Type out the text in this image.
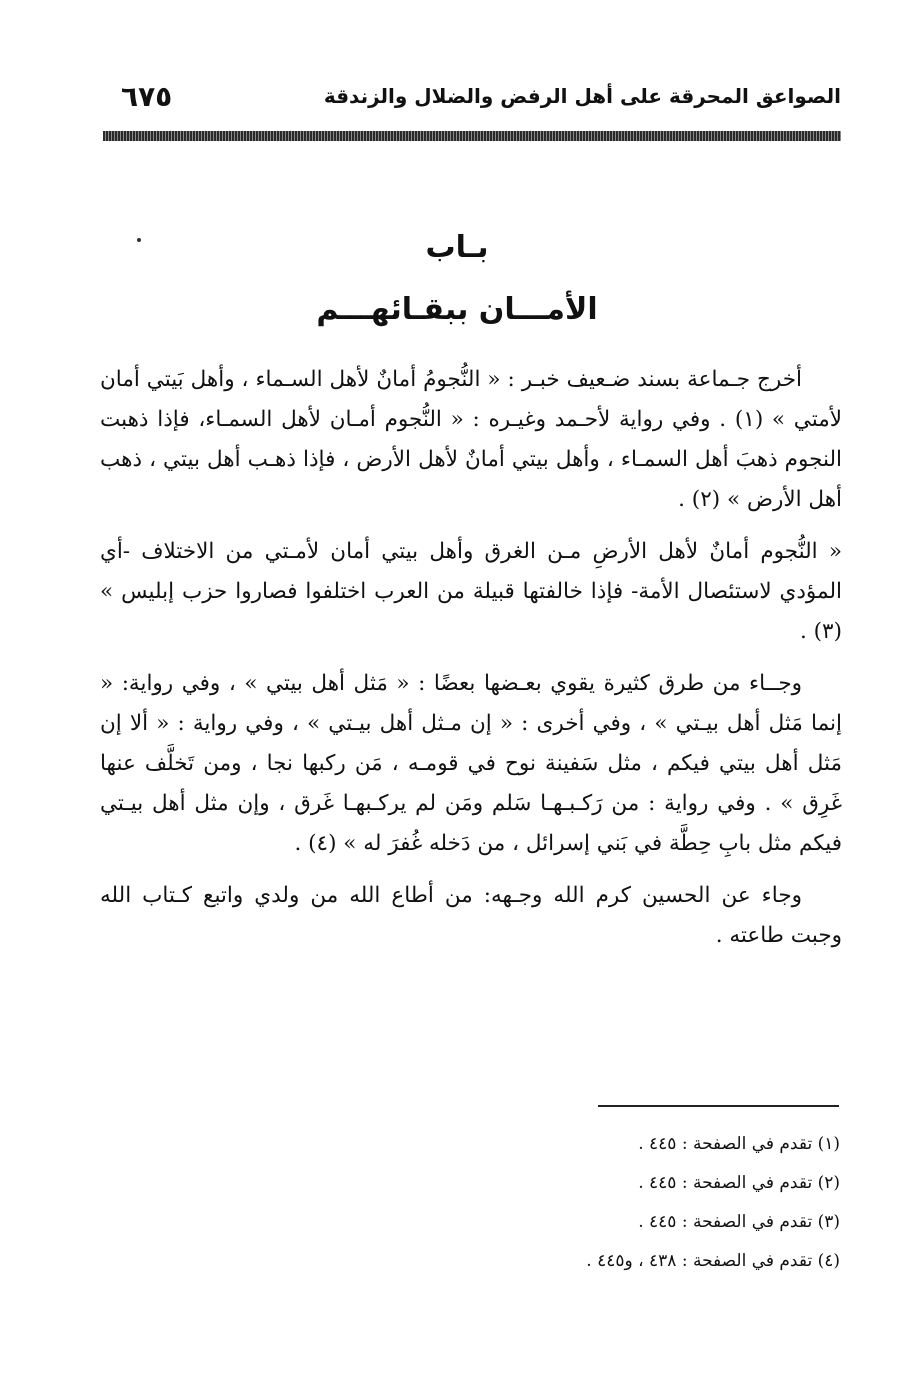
الصواعق المحرقة على أهل الرفض والضلال والزندقة
٦٧٥
بـاب
الأمـــان ببقـائهـــم

أخرج جـماعة بسند ضـعيف خبـر : « النُّجومُ أمانٌ لأهل السـماء ، وأهل بَيتي أمان لأمتي » (١) . وفي رواية لأحـمد وغيـره : « النُّجوم أمـان لأهل السمـاء، فإذا ذهبت النجوم ذهبَ أهل السمـاء ، وأهل بيتي أمانٌ لأهل الأرض ، فإذا ذهـب أهل بيتي ، ذهب أهل الأرض » (٢) .

« النُّجوم أمانٌ لأهل الأرضِ مـن الغرق وأهل بيتي أمان لأمـتي من الاختلاف -أي المؤدي لاستئصال الأمة- فإذا خالفتها قبيلة من العرب اختلفوا فصاروا حزب إبليس » (٣) .

وجــاء من طرق كثيرة يقوي بعـضها بعضًا : « مَثل أهل بيتي » ، وفي رواية: « إنما مَثل أهل بيـتي » ، وفي أخرى : « إن مـثل أهل بيـتي » ، وفي رواية : « ألا إن مَثل أهل بيتي فيكم ، مثل سَفينة نوح في قومـه ، مَن ركبها نجا ، ومن تَخلَّف عنها غَرِق » . وفي رواية : من رَكـبـهـا سَلم ومَن لم يركـبهـا غَرق ، وإن مثل أهل بيـتي فيكم مثل بابِ حِطَّة في بَني إسرائل ، من دَخله غُفرَ له » (٤) .

وجاء عن الحسين كرم الله وجـهه: من أطاع الله من ولدي واتبع كـتاب الله وجبت طاعته .

(١) تقدم في الصفحة : ٤٤٥ .
(٢) تقدم في الصفحة : ٤٤٥ .
(٣) تقدم في الصفحة : ٤٤٥ .
(٤) تقدم في الصفحة : ٤٣٨ ، و٤٤٥ .
